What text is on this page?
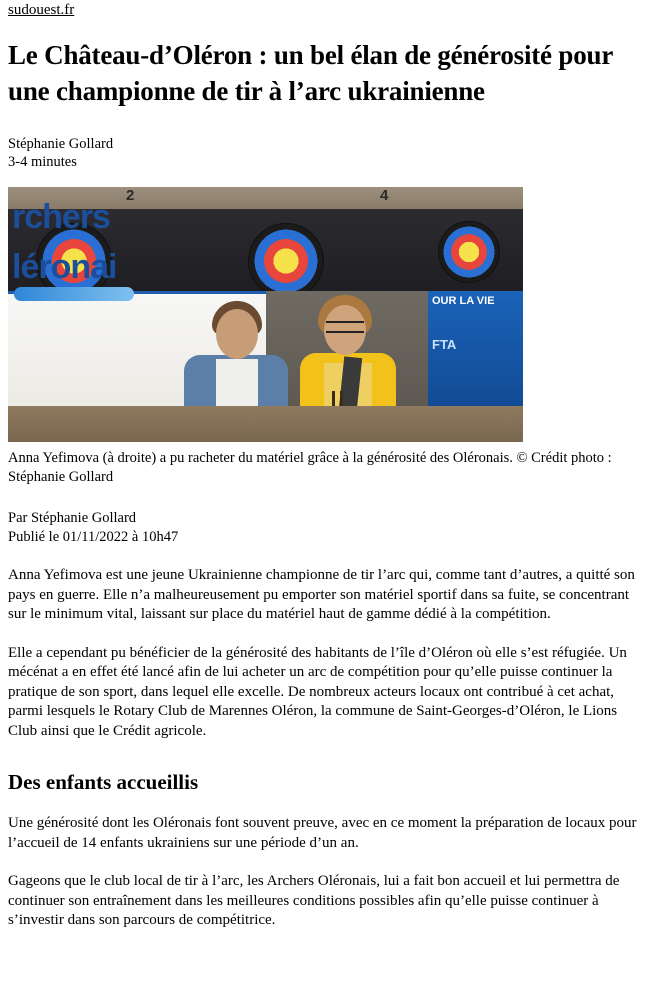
sudouest.fr
Le Château-d’Oléron : un bel élan de générosité pour une championne de tir à l’arc ukrainienne
Stéphanie Gollard
3-4 minutes
2	4
rchers
léronai
OUR LA VIE
FTA
Anna Yefimova (à droite) a pu racheter du matériel grâce à la générosité des Oléronais. © Crédit photo : Stéphanie Gollard
Par Stéphanie Gollard
Publié le 01/11/2022 à 10h47

Anna Yefimova est une jeune Ukrainienne championne de tir l’arc qui, comme tant d’autres, a quitté son pays en guerre. Elle n’a malheureusement pu emporter son matériel sportif dans sa fuite, se concentrant sur le minimum vital, laissant sur place du matériel haut de gamme dédié à la compétition.

Elle a cependant pu bénéficier de la générosité des habitants de l’île d’Oléron où elle s’est réfugiée. Un mécénat a en effet été lancé afin de lui acheter un arc de compétition pour qu’elle puisse continuer la pratique de son sport, dans lequel elle excelle. De nombreux acteurs locaux ont contribué à cet achat, parmi lesquels le Rotary Club de Marennes Oléron, la commune de Saint-Georges-d’Oléron, le Lions Club ainsi que le Crédit agricole.

Des enfants accueillis

Une générosité dont les Oléronais font souvent preuve, avec en ce moment la préparation de locaux pour l’accueil de 14 enfants ukrainiens sur une période d’un an.

Gageons que le club local de tir à l’arc, les Archers Oléronais, lui a fait bon accueil et lui permettra de continuer son entraînement dans les meilleures conditions possibles afin qu’elle puisse continuer à s’investir dans son parcours de compétitrice.
